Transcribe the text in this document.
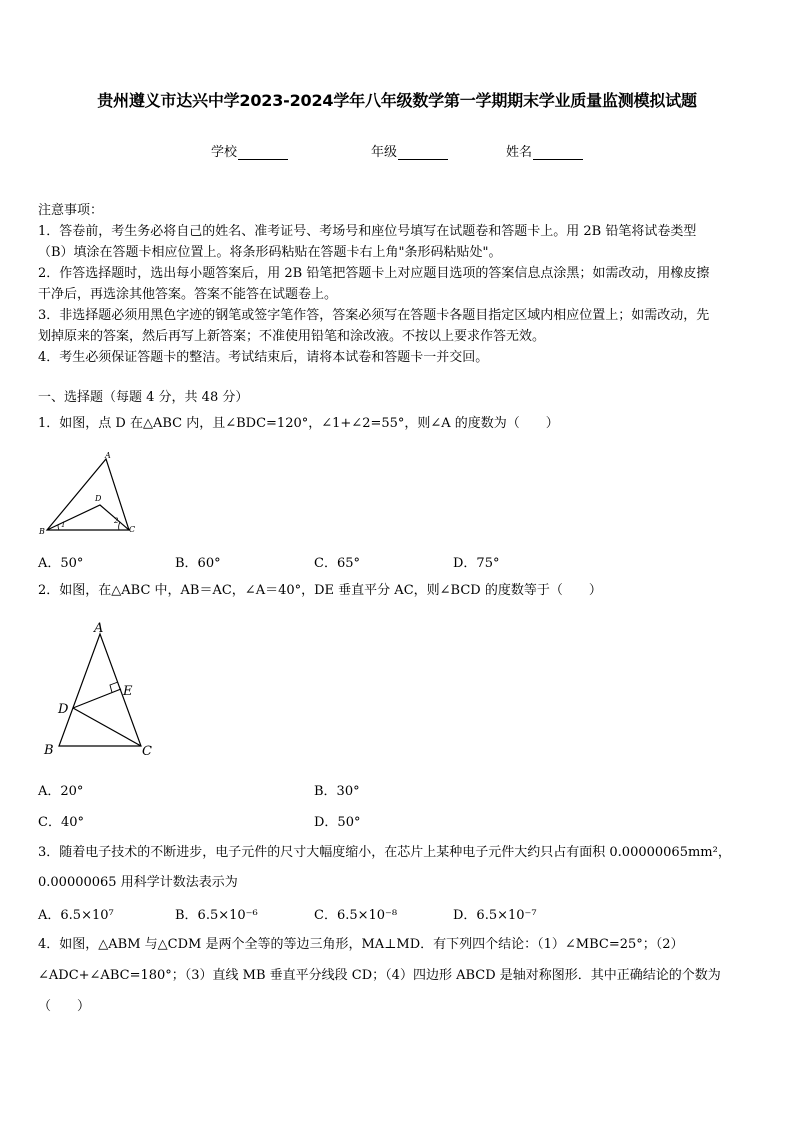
贵州遵义市达兴中学2023-2024学年八年级数学第一学期期末学业质量监测模拟试题
学校	年级	姓名
注意事项：
1．答卷前，考生务必将自己的姓名、准考证号、考场号和座位号填写在试题卷和答题卡上。用 2B 铅笔将试卷类型
（B）填涂在答题卡相应位置上。将条形码粘贴在答题卡右上角"条形码粘贴处"。
2．作答选择题时，选出每小题答案后，用 2B 铅笔把答题卡上对应题目选项的答案信息点涂黑；如需改动，用橡皮擦
干净后，再选涂其他答案。答案不能答在试题卷上。
3．非选择题必须用黑色字迹的钢笔或签字笔作答，答案必须写在答题卡各题目指定区域内相应位置上；如需改动，先
划掉原来的答案，然后再写上新答案；不准使用铅笔和涂改液。不按以上要求作答无效。
4．考生必须保证答题卡的整洁。考试结束后，请将本试卷和答题卡一并交回。
一、选择题（每题 4 分，共 48 分）
1．如图，点 D 在△ABC 内，且∠BDC=120°，∠1+∠2=55°，则∠A 的度数为（　　）
A
B	C
D
1	2
A．50°	B．60°	C．65°	D．75°
2．如图，在△ABC 中，AB＝AC，∠A＝40°，DE 垂直平分 AC，则∠BCD 的度数等于（　　）
A
B	C
D
E
A．20°	B．30°
C．40°	D．50°
3．随着电子技术的不断进步，电子元件的尺寸大幅度缩小，在芯片上某种电子元件大约只占有面积 0.00000065mm²，
0.00000065 用科学计数法表示为
A．6.5×10⁷	B．6.5×10⁻⁶	C．6.5×10⁻⁸	D．6.5×10⁻⁷
4．如图，△ABM 与△CDM 是两个全等的等边三角形，MA⊥MD．有下列四个结论：（1）∠MBC=25°；（2）
∠ADC+∠ABC=180°；（3）直线 MB 垂直平分线段 CD；（4）四边形 ABCD 是轴对称图形．其中正确结论的个数为
（　　）
